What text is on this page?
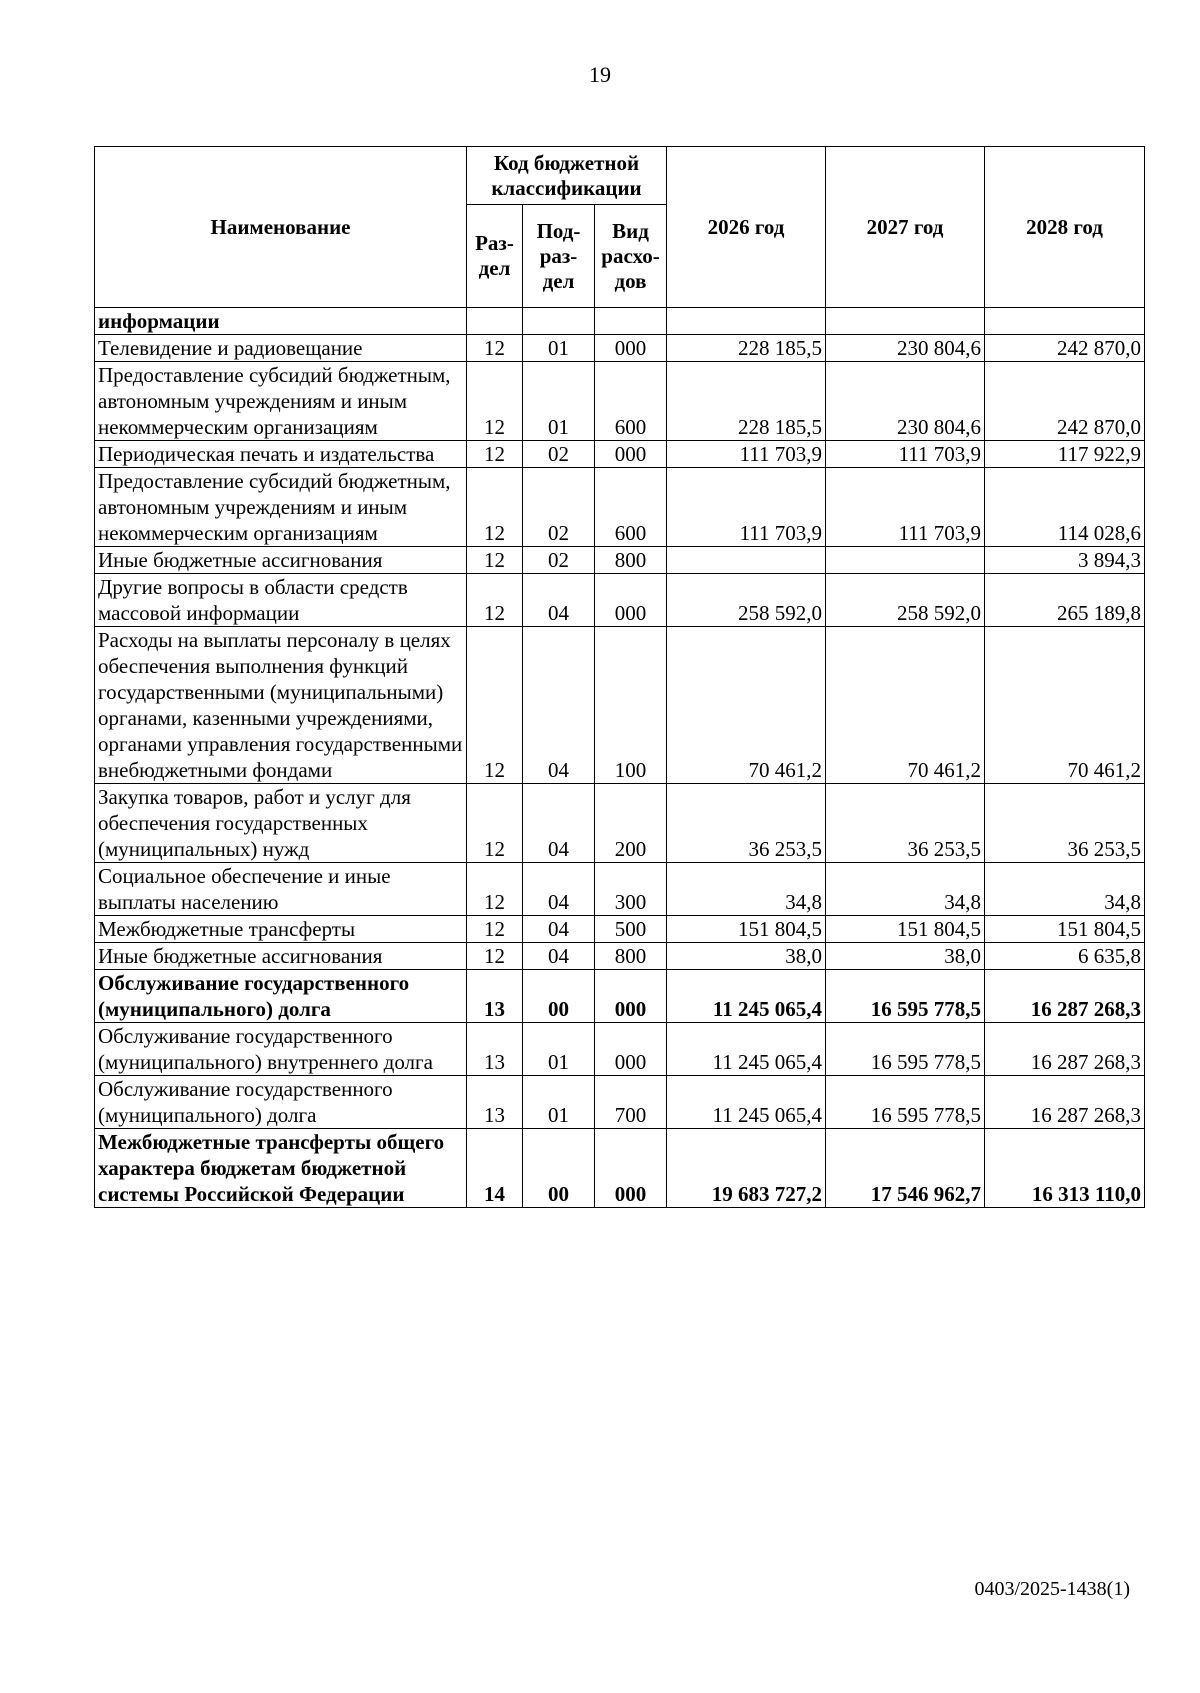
19
Наименование	Код бюджетной классификации			2026 год	2027 год	2028 год
	Раз-дел	Под-раз-дел	Вид расхо-дов			
информации						
Телевидение и радиовещание	12	01	000	228 185,5	230 804,6	242 870,0
Предоставление субсидий бюджетным, автономным учреждениям и иным некоммерческим организациям	12	01	600	228 185,5	230 804,6	242 870,0
Периодическая печать и издательства	12	02	000	111 703,9	111 703,9	117 922,9
Предоставление субсидий бюджетным, автономным учреждениям и иным некоммерческим организациям	12	02	600	111 703,9	111 703,9	114 028,6
Иные бюджетные ассигнования	12	02	800			3 894,3
Другие вопросы в области средств массовой информации	12	04	000	258 592,0	258 592,0	265 189,8
Расходы на выплаты персоналу в целях обеспечения выполнения функций государственными (муниципальными) органами, казенными учреждениями, органами управления государственными внебюджетными фондами	12	04	100	70 461,2	70 461,2	70 461,2
Закупка товаров, работ и услуг для обеспечения государственных (муниципальных) нужд	12	04	200	36 253,5	36 253,5	36 253,5
Социальное обеспечение и иные выплаты населению	12	04	300	34,8	34,8	34,8
Межбюджетные трансферты	12	04	500	151 804,5	151 804,5	151 804,5
Иные бюджетные ассигнования	12	04	800	38,0	38,0	6 635,8
Обслуживание государственного (муниципального) долга	13	00	000	11 245 065,4	16 595 778,5	16 287 268,3
Обслуживание государственного (муниципального) внутреннего долга	13	01	000	11 245 065,4	16 595 778,5	16 287 268,3
Обслуживание государственного (муниципального) долга	13	01	700	11 245 065,4	16 595 778,5	16 287 268,3
Межбюджетные трансферты общего характера бюджетам бюджетной системы Российской Федерации	14	00	000	19 683 727,2	17 546 962,7	16 313 110,0
0403/2025-1438(1)
